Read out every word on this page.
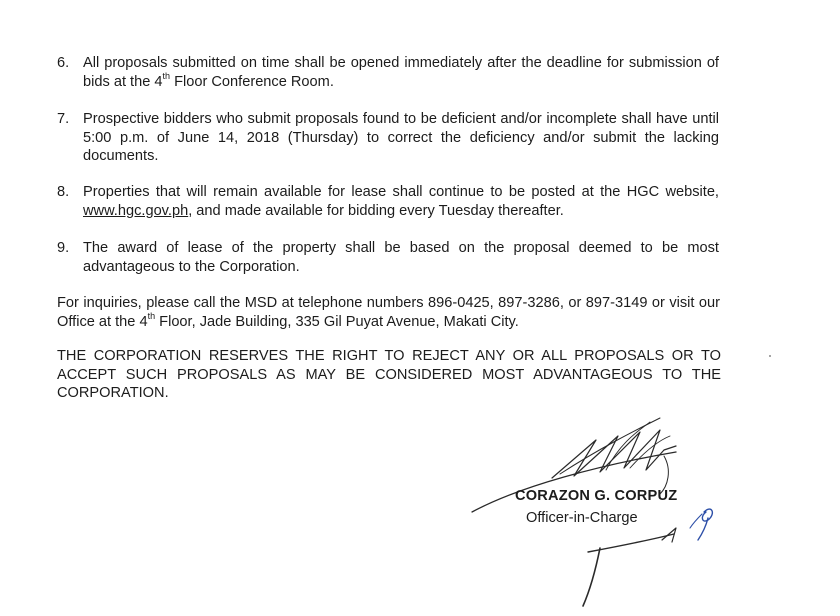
6. All proposals submitted on time shall be opened immediately after the deadline for submission of bids at the 4th Floor Conference Room.
7. Prospective bidders who submit proposals found to be deficient and/or incomplete shall have until 5:00 p.m. of June 14, 2018 (Thursday) to correct the deficiency and/or submit the lacking documents.
8. Properties that will remain available for lease shall continue to be posted at the HGC website, www.hgc.gov.ph, and made available for bidding every Tuesday thereafter.
9. The award of lease of the property shall be based on the proposal deemed to be most advantageous to the Corporation.
For inquiries, please call the MSD at telephone numbers 896-0425, 897-3286, or 897-3149 or visit our Office at the 4th Floor, Jade Building, 335 Gil Puyat Avenue, Makati City.
THE CORPORATION RESERVES THE RIGHT TO REJECT ANY OR ALL PROPOSALS OR TO ACCEPT SUCH PROPOSALS AS MAY BE CONSIDERED MOST ADVANTAGEOUS TO THE CORPORATION.
CORAZON G. CORPUZ
Officer-in-Charge
